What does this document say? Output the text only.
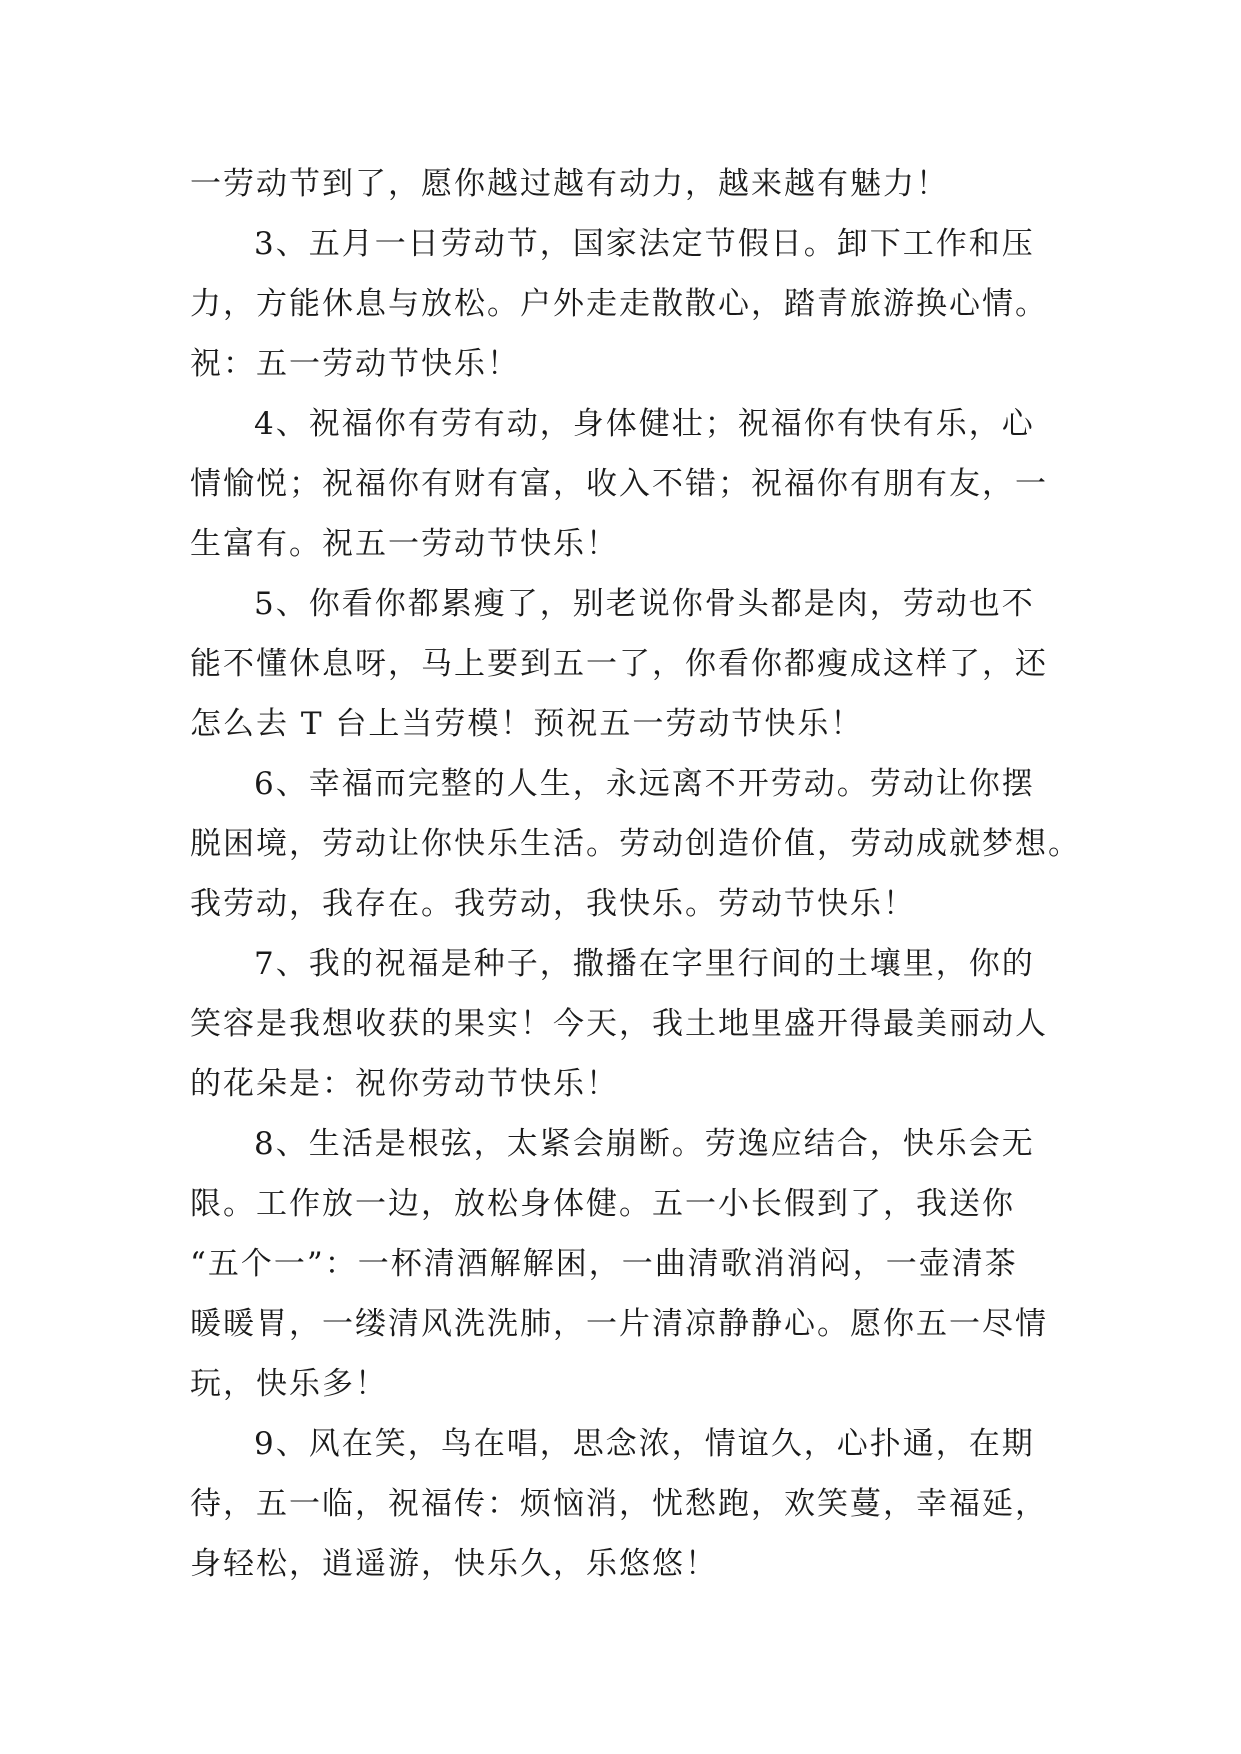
一劳动节到了，愿你越过越有动力，越来越有魅力！
3、五月一日劳动节，国家法定节假日。卸下工作和压
力，方能休息与放松。户外走走散散心，踏青旅游换心情。
祝：五一劳动节快乐！
4、祝福你有劳有动，身体健壮；祝福你有快有乐，心
情愉悦；祝福你有财有富，收入不错；祝福你有朋有友，一
生富有。祝五一劳动节快乐！
5、你看你都累瘦了，别老说你骨头都是肉，劳动也不
能不懂休息呀，马上要到五一了，你看你都瘦成这样了，还
怎么去 T 台上当劳模！预祝五一劳动节快乐！
6、幸福而完整的人生，永远离不开劳动。劳动让你摆
脱困境，劳动让你快乐生活。劳动创造价值，劳动成就梦想。
我劳动，我存在。我劳动，我快乐。劳动节快乐！
7、我的祝福是种子，撒播在字里行间的土壤里，你的
笑容是我想收获的果实！今天，我土地里盛开得最美丽动人
的花朵是：祝你劳动节快乐！
8、生活是根弦，太紧会崩断。劳逸应结合，快乐会无
限。工作放一边，放松身体健。五一小长假到了，我送你
“五个一”：一杯清酒解解困，一曲清歌消消闷，一壶清茶
暖暖胃，一缕清风洗洗肺，一片清凉静静心。愿你五一尽情
玩，快乐多！
9、风在笑，鸟在唱，思念浓，情谊久，心扑通，在期
待，五一临，祝福传：烦恼消，忧愁跑，欢笑蔓，幸福延，
身轻松，逍遥游，快乐久，乐悠悠！
